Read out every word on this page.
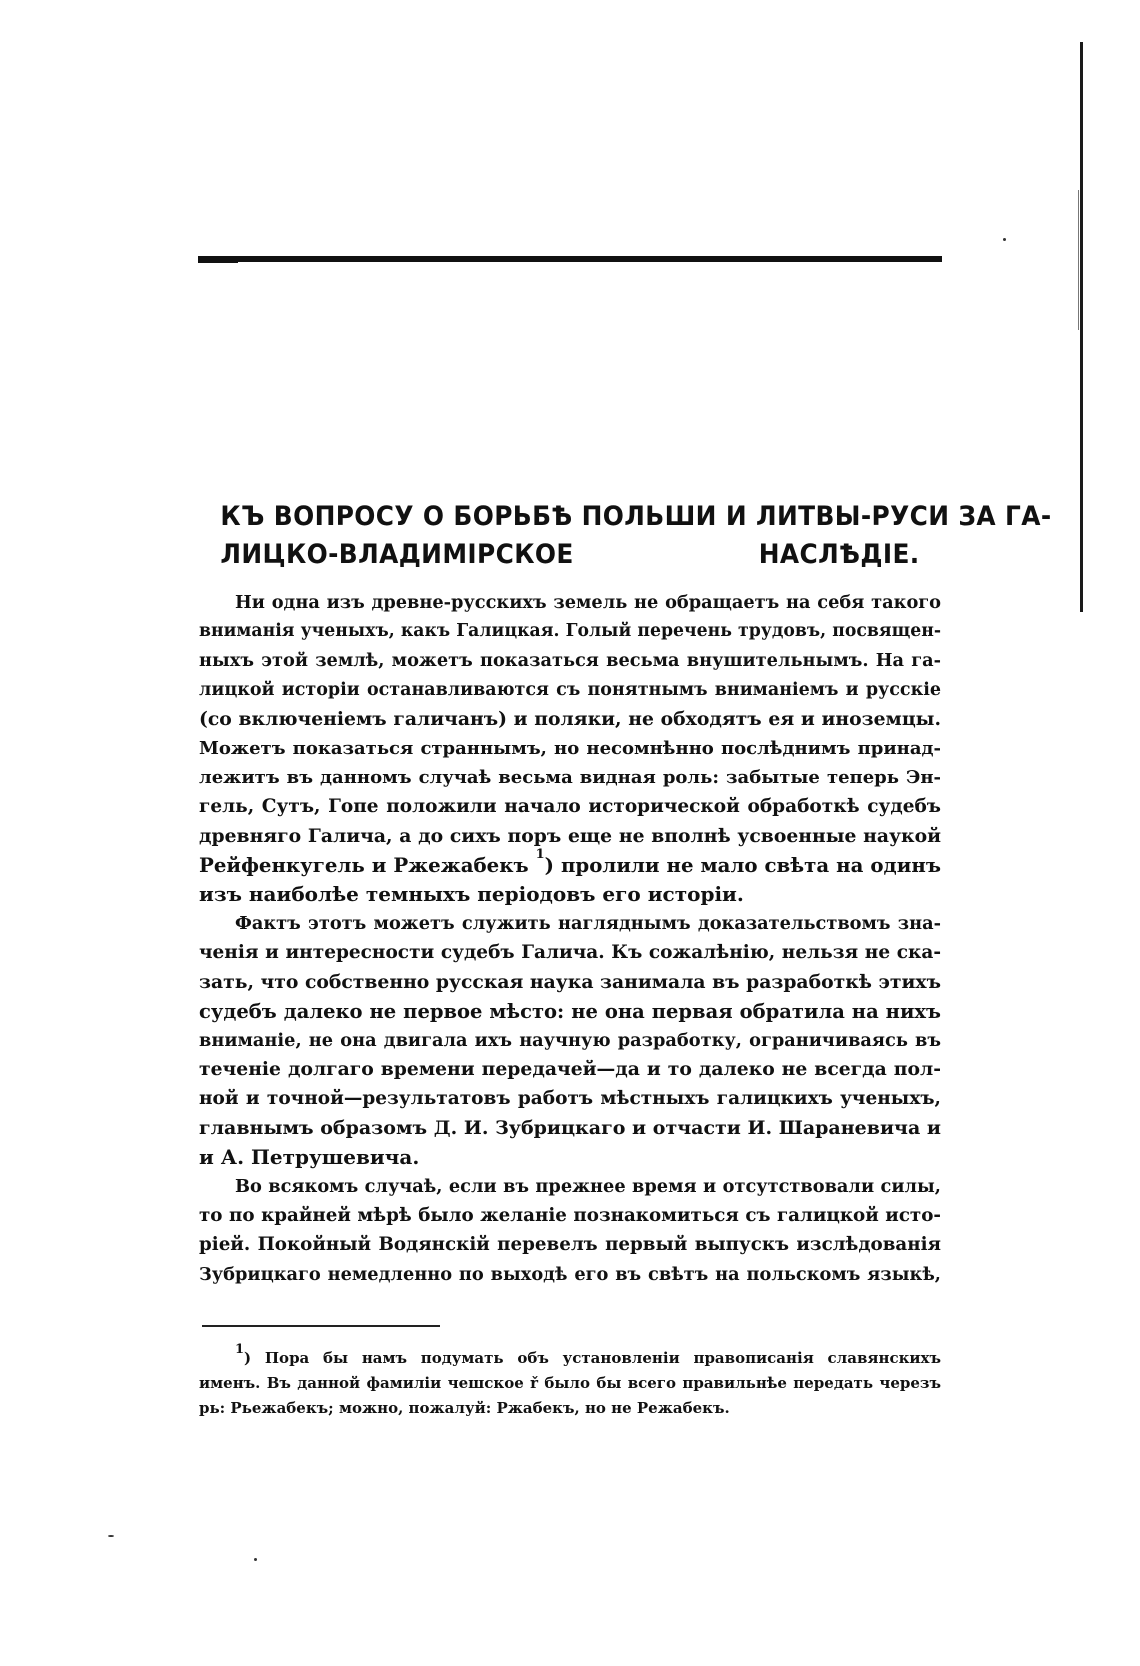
КЪ ВОПРОСУ О БОРЬБѢ ПОЛЬШИ И ЛИТВЫ-РУСИ ЗА ГА-
ЛИЦКО-ВЛАДИМIРСКОЕ НАСЛѢДIЕ.
Ни одна изъ древне-русскихъ земель не обращаетъ на себя такого
вниманія ученыхъ, какъ Галицкая. Голый перечень трудовъ, посвящен-
ныхъ этой землѣ, можетъ показаться весьма внушительнымъ. На га-
лицкой исторіи останавливаются съ понятнымъ вниманіемъ и русскіе
(со включеніемъ галичанъ) и поляки, не обходятъ ея и иноземцы.
Можетъ показаться страннымъ, но несомнѣнно послѣднимъ принад-
лежитъ въ данномъ случаѣ весьма видная роль: забытые теперь Эн-
гель, Сутъ, Гопе положили начало исторической обработкѣ судебъ
древняго Галича, а до сихъ поръ еще не вполнѣ усвоенные наукой
Рейфенкугель и Ржежабекъ $^1$) пролили не мало свѣта на одинъ
изъ наиболѣе темныхъ періодовъ его исторіи.
Фактъ этотъ можетъ служить нагляднымъ доказательствомъ зна-
ченія и интересности судебъ Галича. Къ сожалѣнію, нельзя не ска-
зать, что собственно русская наука занимала въ разработкѣ этихъ
судебъ далеко не первое мѣсто: не она первая обратила на нихъ
вниманіе, не она двигала ихъ научную разработку, ограничиваясь въ
теченіе долгаго времени передачей—да и то далеко не всегда пол-
ной и точной—результатовъ работъ мѣстныхъ галицкихъ ученыхъ,
главнымъ образомъ Д. И. Зубрицкаго и отчасти И. Шараневича и
и А. Петрушевича.
Во всякомъ случаѣ, если въ прежнее время и отсутствовали силы,
то по крайней мѣрѣ было желаніе познакомиться съ галицкой исто-
ріей. Покойный Водянскій перевелъ первый выпускъ изслѣдованія
Зубрицкаго немедленно по выходѣ его въ свѣтъ на польскомъ языкѣ,
$^1$) Пора бы намъ подумать объ установленіи правописанія славянскихъ
именъ. Въ данной фамиліи чешское ř было бы всего правильнѣе передать черезъ
рь: Рьежабекъ; можно, пожалуй: Ржабекъ, но не Режабекъ.
